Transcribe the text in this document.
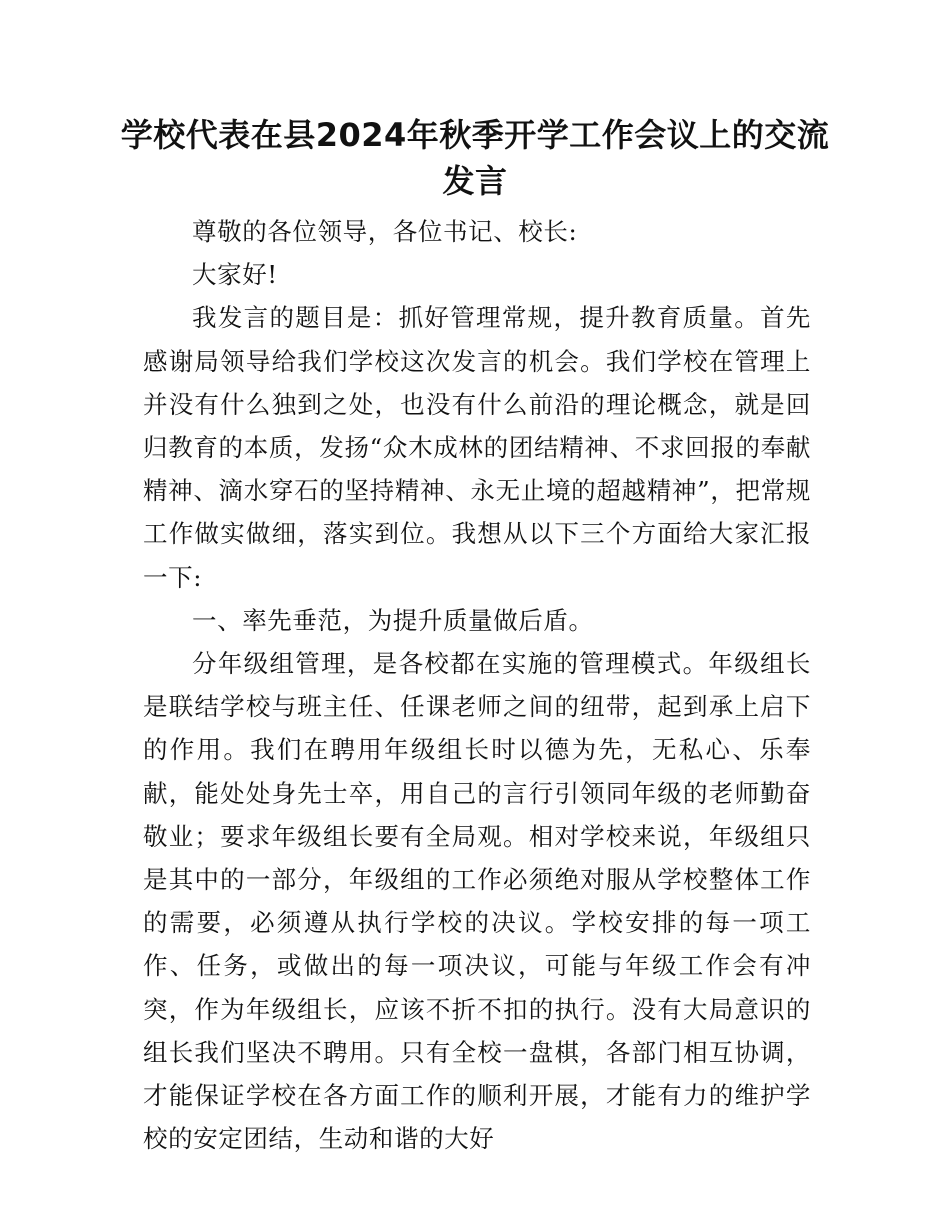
学校代表在县2024年秋季开学工作会议上的交流发言

尊敬的各位领导，各位书记、校长:

大家好!

我发言的题目是：抓好管理常规，提升教育质量。首先感谢局领导给我们学校这次发言的机会。我们学校在管理上并没有什么独到之处，也没有什么前沿的理论概念，就是回归教育的本质，发扬“众木成林的团结精神、不求回报的奉献精神、滴水穿石的坚持精神、永无止境的超越精神”，把常规工作做实做细，落实到位。我想从以下三个方面给大家汇报一下:

一、率先垂范，为提升质量做后盾。

分年级组管理，是各校都在实施的管理模式。年级组长是联结学校与班主任、任课老师之间的纽带，起到承上启下的作用。我们在聘用年级组长时以德为先，无私心、乐奉献，能处处身先士卒，用自己的言行引领同年级的老师勤奋敬业；要求年级组长要有全局观。相对学校来说，年级组只是其中的一部分，年级组的工作必须绝对服从学校整体工作的需要，必须遵从执行学校的决议。学校安排的每一项工作、任务，或做出的每一项决议，可能与年级工作会有冲突，作为年级组长，应该不折不扣的执行。没有大局意识的组长我们坚决不聘用。只有全校一盘棋，各部门相互协调，才能保证学校在各方面工作的顺利开展，才能有力的维护学校的安定团结，生动和谐的大好
